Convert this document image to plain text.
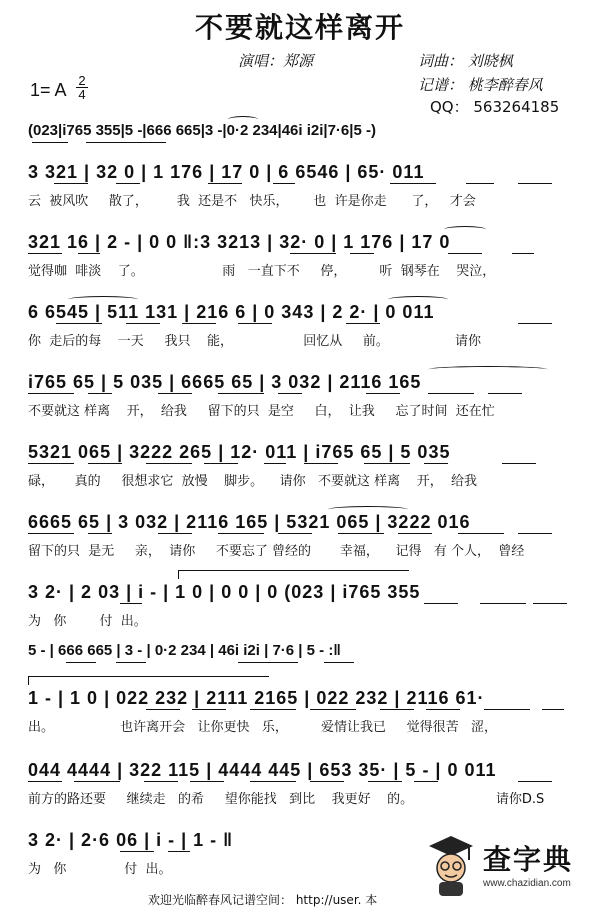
不要就这样离开
演唱：郑源	词曲： 刘晓枫
记谱： 桃李醉春风
QQ： 563264185
1= A 2
4
(023|i765 355|5 -|666 665|3 -|0·2 234|46i i2i|7·6|5 -)
3 321 | 32 0 | 1 176 | 17 0 | 6 6546 | 65· 011
云  被风吹     散了，       我  还是不   快乐，      也  许是你走      了，   才会
321 16 | 2 - | 0 0 ‖:3 3213 | 32· 0 | 1 176 | 17 0
觉得咖  啡淡    了。                   雨   一直下不     停，        听  钢琴在    哭泣，
6 6545 | 511 131 | 216 6 | 0 343 | 2 2· | 0 011
你  走后的每    一天     我只    能，                 回忆从     前。                请你
i765 65 | 5 035 | 6665 65 | 3 032 | 2116 165
不要就这 样离    开，  给我     留下的只  是空     白，  让我     忘了时间  还在忙
5321 065 | 3222 265 | 12· 011 | i765 65 | 5 035
碌，     真的     很想求它  放慢    脚步。    请你   不要就这 样离    开，  给我
6665 65 | 3 032 | 2116 165 | 5321 065 | 3222 016
留下的只  是无     亲，  请你     不要忘了 曾经的       幸福，    记得   有 个人，  曾经
3 2· | 2 03 | i - | 1 0 | 0 0 | 0 (023 | i765 355
为   你        付  出。
5 - | 666 665 | 3 - | 0·2 234 | 46i i2i | 7·6 | 5 - :‖
1 - | 1 0 | 022 232 | 2111 2165 | 022 232 | 2116 61·
出。                也许离开会   让你更快   乐，        爱情让我已     觉得很苦   涩，
044 4444 | 322 115 | 4444 445 | 653 35· | 5 - | 0 011
前方的路还要     继续走   的希     望你能找   到比    我更好    的。                    请你D.S
3 2· | 2·6 06 | i - | 1 - ‖
为   你              付  出。
欢迎光临醉春风记谱空间： http://user. 本
查字典
www.chazidian.com
